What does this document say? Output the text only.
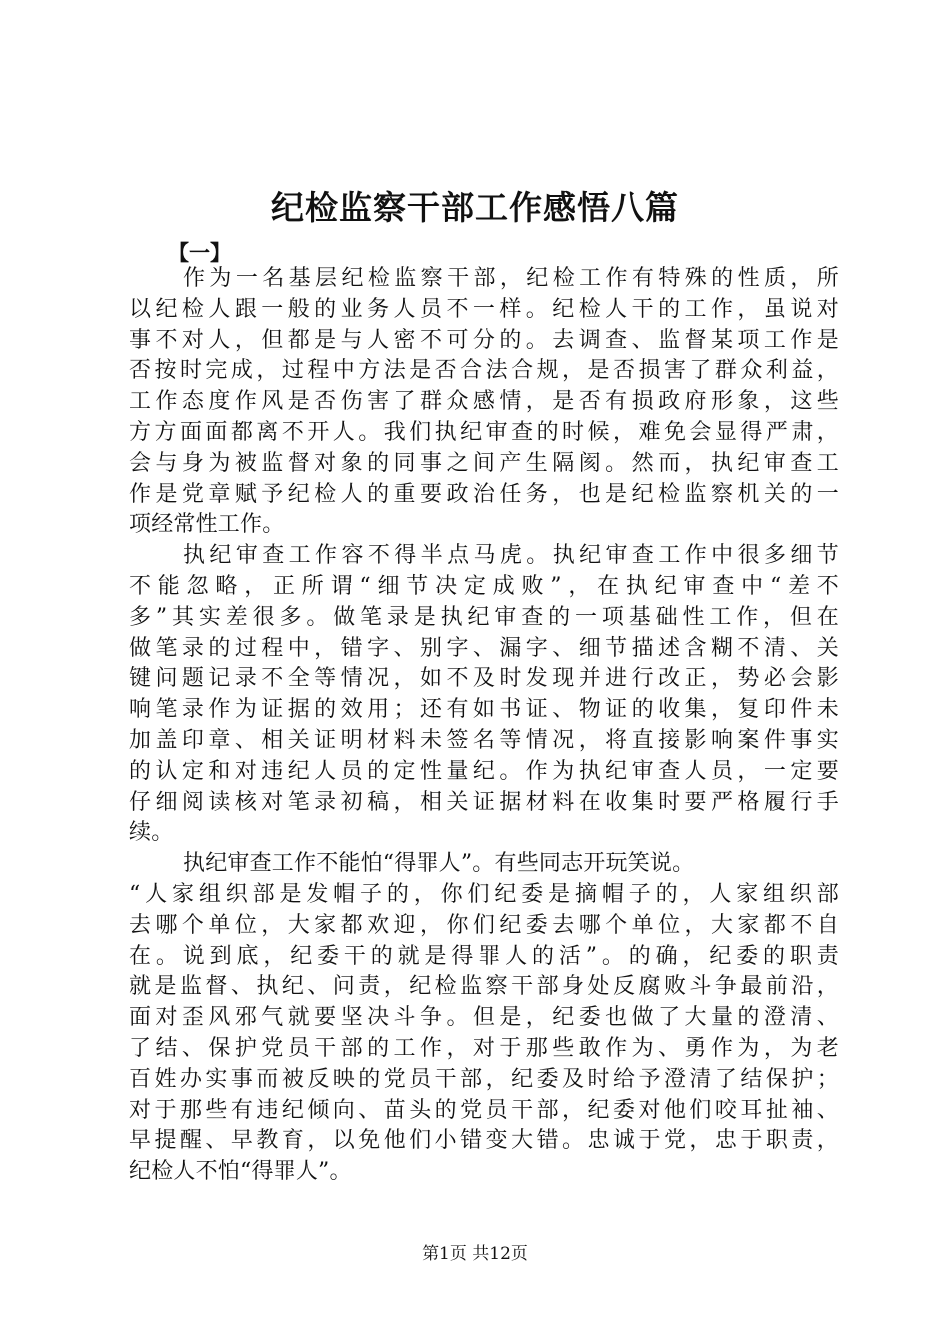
纪检监察干部工作感悟八篇
【一】
作为一名基层纪检监察干部，纪检工作有特殊的性质，所
以纪检人跟一般的业务人员不一样。纪检人干的工作，虽说对
事不对人，但都是与人密不可分的。去调查、监督某项工作是
否按时完成，过程中方法是否合法合规，是否损害了群众利益，
工作态度作风是否伤害了群众感情，是否有损政府形象，这些
方方面面都离不开人。我们执纪审查的时候，难免会显得严肃，
会与身为被监督对象的同事之间产生隔阂。然而，执纪审查工
作是党章赋予纪检人的重要政治任务，也是纪检监察机关的一
项经常性工作。
执纪审查工作容不得半点马虎。执纪审查工作中很多细节
不能忽略，正所谓“细节决定成败”，在执纪审查中“差不
多”其实差很多。做笔录是执纪审查的一项基础性工作，但在
做笔录的过程中，错字、别字、漏字、细节描述含糊不清、关
键问题记录不全等情况，如不及时发现并进行改正，势必会影
响笔录作为证据的效用；还有如书证、物证的收集，复印件未
加盖印章、相关证明材料未签名等情况，将直接影响案件事实
的认定和对违纪人员的定性量纪。作为执纪审查人员，一定要
仔细阅读核对笔录初稿，相关证据材料在收集时要严格履行手
续。
执纪审查工作不能怕“得罪人”。有些同志开玩笑说。
“人家组织部是发帽子的，你们纪委是摘帽子的，人家组织部
去哪个单位，大家都欢迎，你们纪委去哪个单位，大家都不自
在。说到底，纪委干的就是得罪人的活”。的确，纪委的职责
就是监督、执纪、问责，纪检监察干部身处反腐败斗争最前沿，
面对歪风邪气就要坚决斗争。但是，纪委也做了大量的澄清、
了结、保护党员干部的工作，对于那些敢作为、勇作为，为老
百姓办实事而被反映的党员干部，纪委及时给予澄清了结保护；
对于那些有违纪倾向、苗头的党员干部，纪委对他们咬耳扯袖、
早提醒、早教育，以免他们小错变大错。忠诚于党，忠于职责，
纪检人不怕“得罪人”。
第1页 共12页
